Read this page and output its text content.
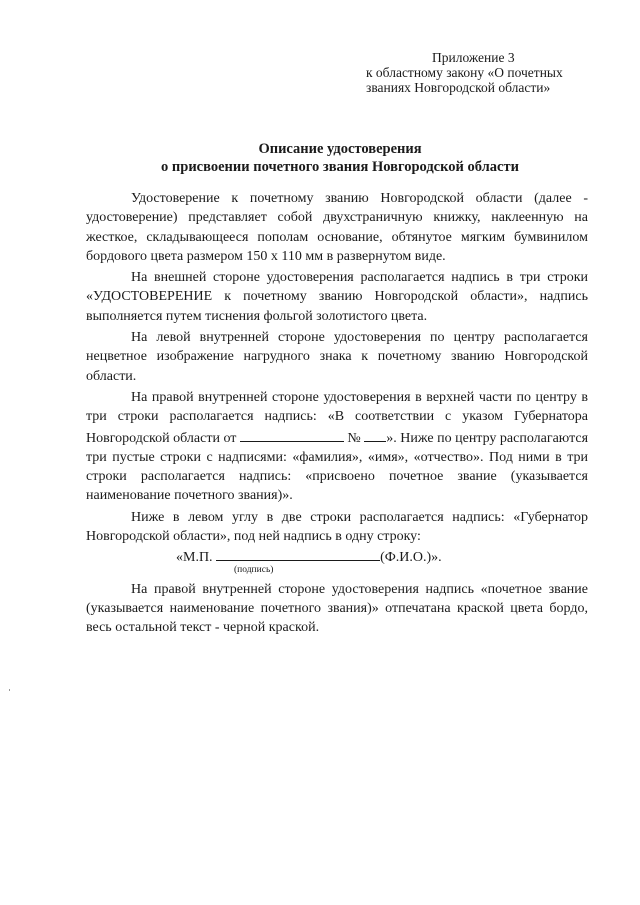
Приложение 3
к областному закону «О почетных
званиях Новгородской области»
Описание удостоверения
о присвоении почетного звания Новгородской области

Удостоверение к почетному званию Новгородской области (далее - удостоверение) представляет собой двухстраничную книжку, наклеенную на жесткое, складывающееся пополам основание, обтянутое мягким бумвинилом бордового цвета размером 150 х 110 мм в развернутом виде.

На внешней стороне удостоверения располагается надпись в три строки «УДОСТОВЕРЕНИЕ к почетному званию Новгородской области», надпись выполняется путем тиснения фольгой золотистого цвета.

На левой внутренней стороне удостоверения по центру располагается нецветное изображение нагрудного знака к почетному званию Новгородской области.

На правой внутренней стороне удостоверения в верхней части по центру в три строки располагается надпись: «В соответствии с указом Губернатора Новгородской области от	№ ». Ниже по центру располагаются три пустые строки с надписями: «фамилия», «имя», «отчество». Под ними в три строки располагается надпись: «присвоено почетное звание (указывается наименование почетного звания)».

Ниже в левом углу в две строки располагается надпись: «Губернатор Новгородской области», под ней надпись в одну строку:

«М.П.	(Ф.И.О.)».

(подпись)

На правой внутренней стороне удостоверения надпись «почетное звание (указывается наименование почетного звания)» отпечатана краской цвета бордо, весь остальной текст - черной краской.
